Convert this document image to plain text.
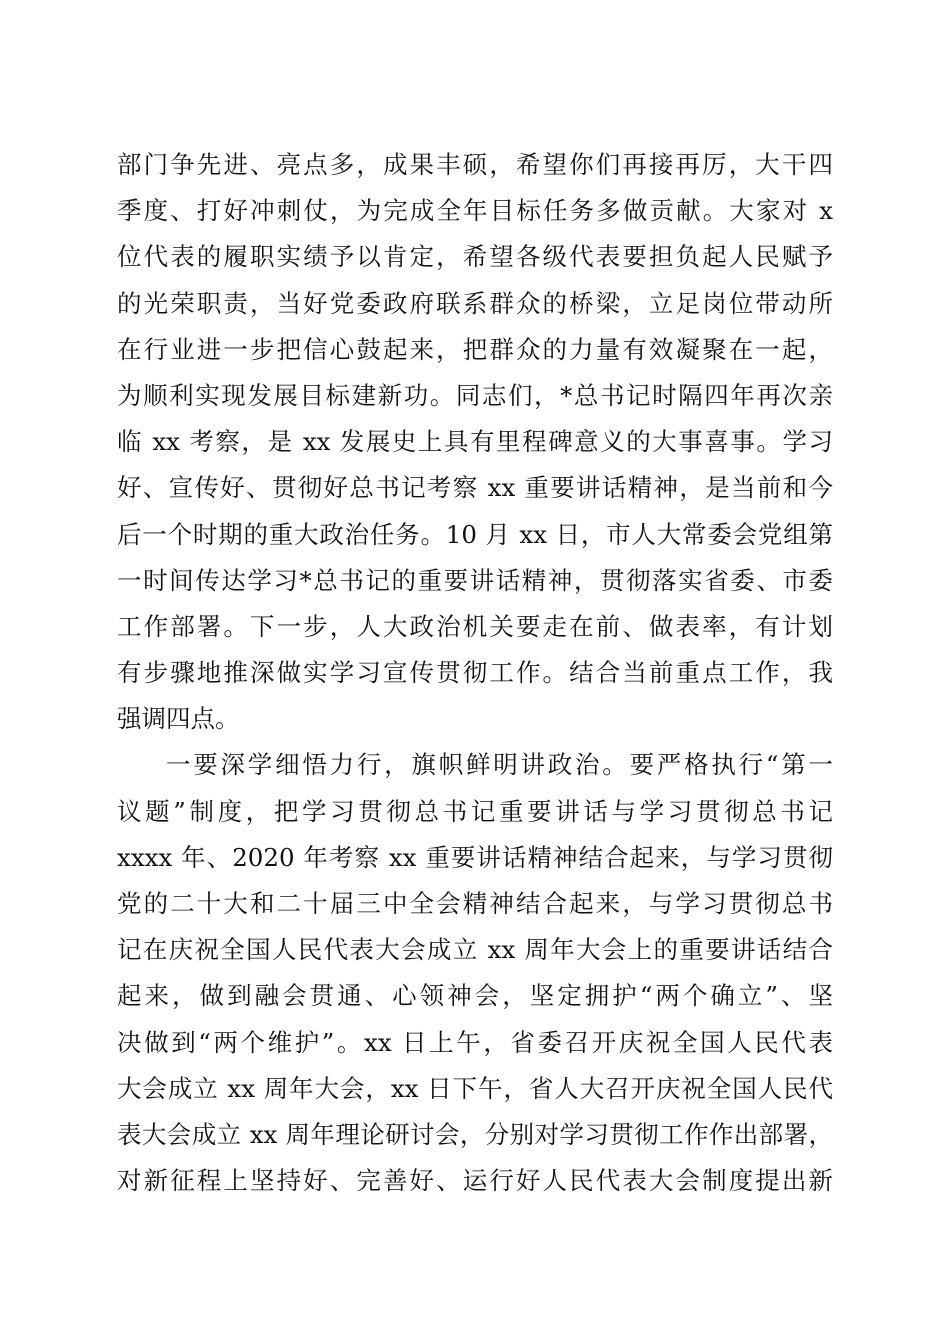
部门争先进、亮点多，成果丰硕，希望你们再接再厉，大干四
季度、打好冲刺仗，为完成全年目标任务多做贡献。大家对 x
位代表的履职实绩予以肯定，希望各级代表要担负起人民赋予
的光荣职责，当好党委政府联系群众的桥梁，立足岗位带动所
在行业进一步把信心鼓起来，把群众的力量有效凝聚在一起，
为顺利实现发展目标建新功。同志们，*总书记时隔四年再次亲
临 xx 考察，是 xx 发展史上具有里程碑意义的大事喜事。学习
好、宣传好、贯彻好总书记考察 xx 重要讲话精神，是当前和今
后一个时期的重大政治任务。10 月 xx 日，市人大常委会党组第
一时间传达学习*总书记的重要讲话精神，贯彻落实省委、市委
工作部署。下一步，人大政治机关要走在前、做表率，有计划
有步骤地推深做实学习宣传贯彻工作。结合当前重点工作，我
强调四点。
一要深学细悟力行，旗帜鲜明讲政治。要严格执行“第一
议题”制度，把学习贯彻总书记重要讲话与学习贯彻总书记
xxxx 年、2020 年考察 xx 重要讲话精神结合起来，与学习贯彻
党的二十大和二十届三中全会精神结合起来，与学习贯彻总书
记在庆祝全国人民代表大会成立 xx 周年大会上的重要讲话结合
起来，做到融会贯通、心领神会，坚定拥护“两个确立”、坚
决做到“两个维护”。xx 日上午，省委召开庆祝全国人民代表
大会成立 xx 周年大会，xx 日下午，省人大召开庆祝全国人民代
表大会成立 xx 周年理论研讨会，分别对学习贯彻工作作出部署，
对新征程上坚持好、完善好、运行好人民代表大会制度提出新
